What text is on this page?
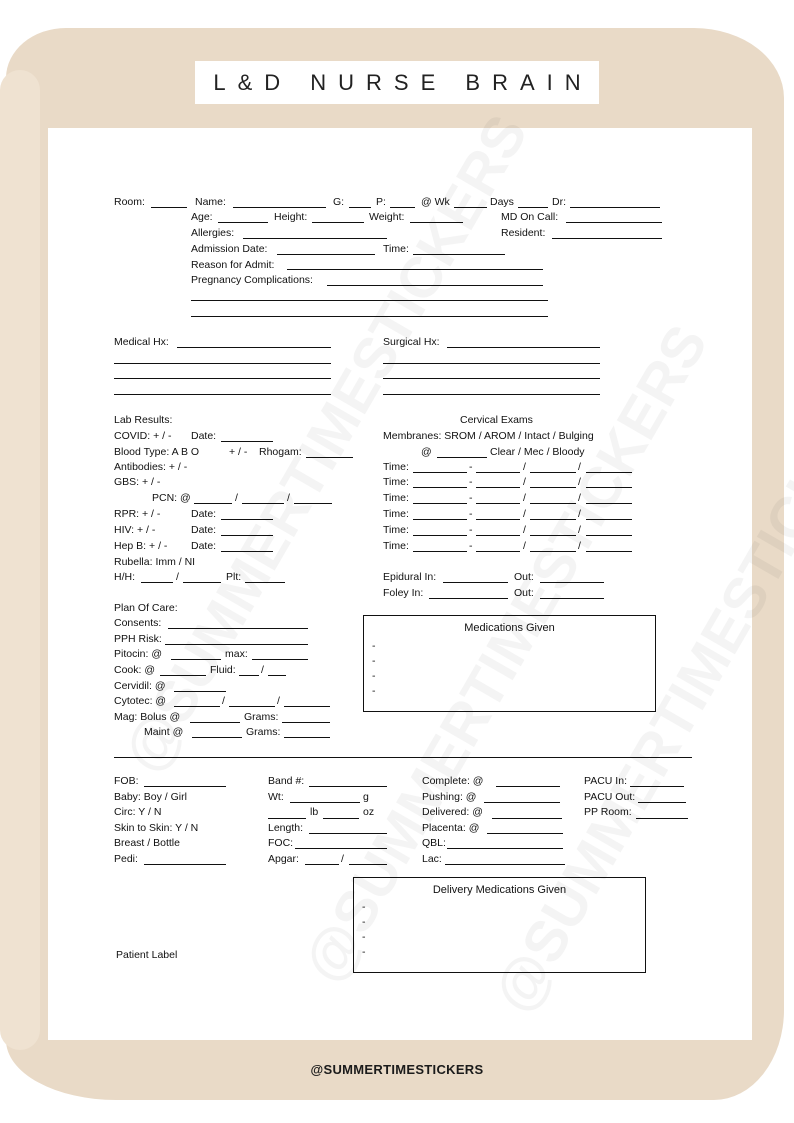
L&D NURSE BRAIN
Room:	Name:	G:	P:	@ Wk	Days	Dr:
Age:	Height:	Weight:	MD On Call:
Allergies:	Resident:
Admission Date:	Time:
Reason for Admit:
Pregnancy Complications:
Medical Hx:	Surgical Hx:
Lab Results:
COVID: + / - Date:
Blood Type: A B O	+ / - Rhogam:
Antibodies: + / -
GBS: + / -
PCN: @	/	/
RPR: + / -	Date:
HIV: + / -	Date:
Hep B: + / - Date:
Rubella: Imm / NI
H/H:	/	Plt:
Cervical Exams
Membranes: SROM / AROM / Intact / Bulging
@	Clear / Mec / Bloody
Time:	-	/	/
Time:	-	/	/
Time:	-	/	/
Time:	-	/	/
Time:	-	/	/
Time:	-	/	/
Epidural In:	Out:
Foley In:	Out:
Plan Of Care:
Consents:
PPH Risk:
Pitocin: @	max:
Cook: @	Fluid: /
Cervidil: @
Cytotec: @	/	/
Mag: Bolus @	Grams:
Maint @	Grams:
Medications Given
-
-
-
-
FOB:
Baby: Boy / Girl
Circ: Y / N
Skin to Skin: Y / N
Breast / Bottle
Pedi:
Band #:
Wt:	g
lb	oz
Length:
FOC:
Apgar:	/
Complete: @
Pushing: @
Delivered: @
Placenta: @
QBL:
Lac:
PACU In:
PACU Out:
PP Room:
Patient Label
Delivery Medications Given
-
-
-
-
@SUMMERTIMESTICKERS
